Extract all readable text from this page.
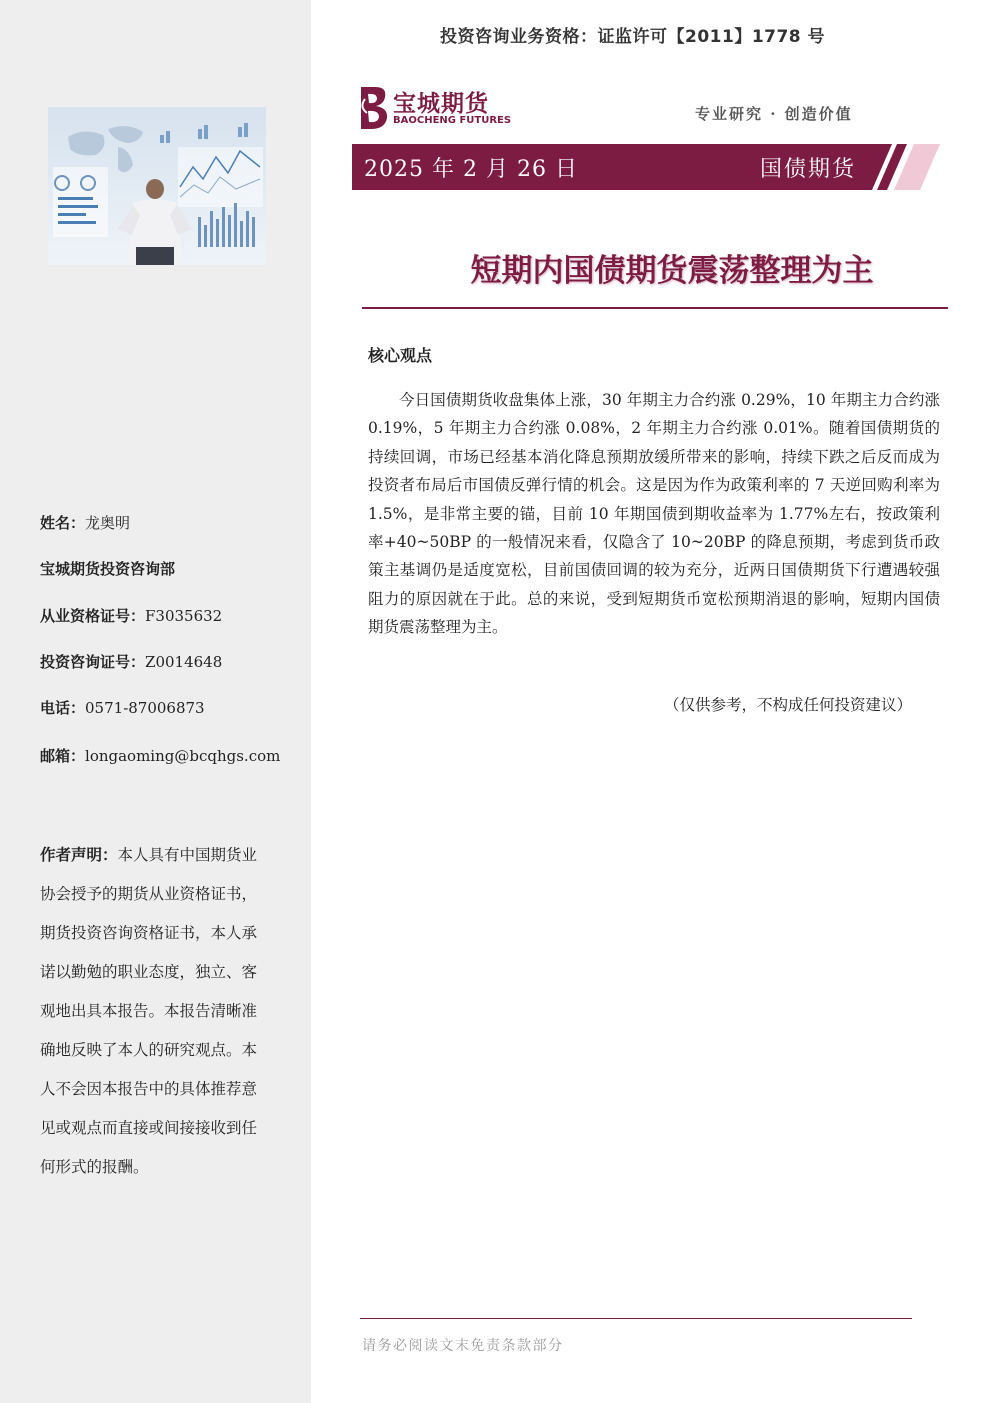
姓名：龙奥明
宝城期货投资咨询部
从业资格证号：F3035632
投资咨询证号：Z0014648
电话：0571-87006873
邮箱：longaoming@bcqhgs.com
作者声明：本人具有中国期货业协会授予的期货从业资格证书，期货投资咨询资格证书，本人承诺以勤勉的职业态度，独立、客观地出具本报告。本报告清晰准确地反映了本人的研究观点。本人不会因本报告中的具体推荐意见或观点而直接或间接接收到任何形式的报酬。
投资咨询业务资格：证监许可【2011】1778 号
宝城期货
BAOCHENG FUTURES	专业研究 · 创造价值
2025 年 2 月 26 日	国债期货
短期内国债期货震荡整理为主
核心观点
今日国债期货收盘集体上涨，30 年期主力合约涨 0.29%，10 年期主力合约涨 0.19%，5 年期主力合约涨 0.08%，2 年期主力合约涨 0.01%。随着国债期货的持续回调，市场已经基本消化降息预期放缓所带来的影响，持续下跌之后反而成为投资者布局后市国债反弹行情的机会。这是因为作为政策利率的 7 天逆回购利率为 1.5%，是非常主要的锚，目前 10 年期国债到期收益率为 1.77%左右，按政策利率+40~50BP 的一般情况来看，仅隐含了 10~20BP 的降息预期，考虑到货币政策主基调仍是适度宽松，目前国债回调的较为充分，近两日国债期货下行遭遇较强阻力的原因就在于此。总的来说，受到短期货币宽松预期消退的影响，短期内国债期货震荡整理为主。
（仅供参考，不构成任何投资建议）
请务必阅读文末免责条款部分
